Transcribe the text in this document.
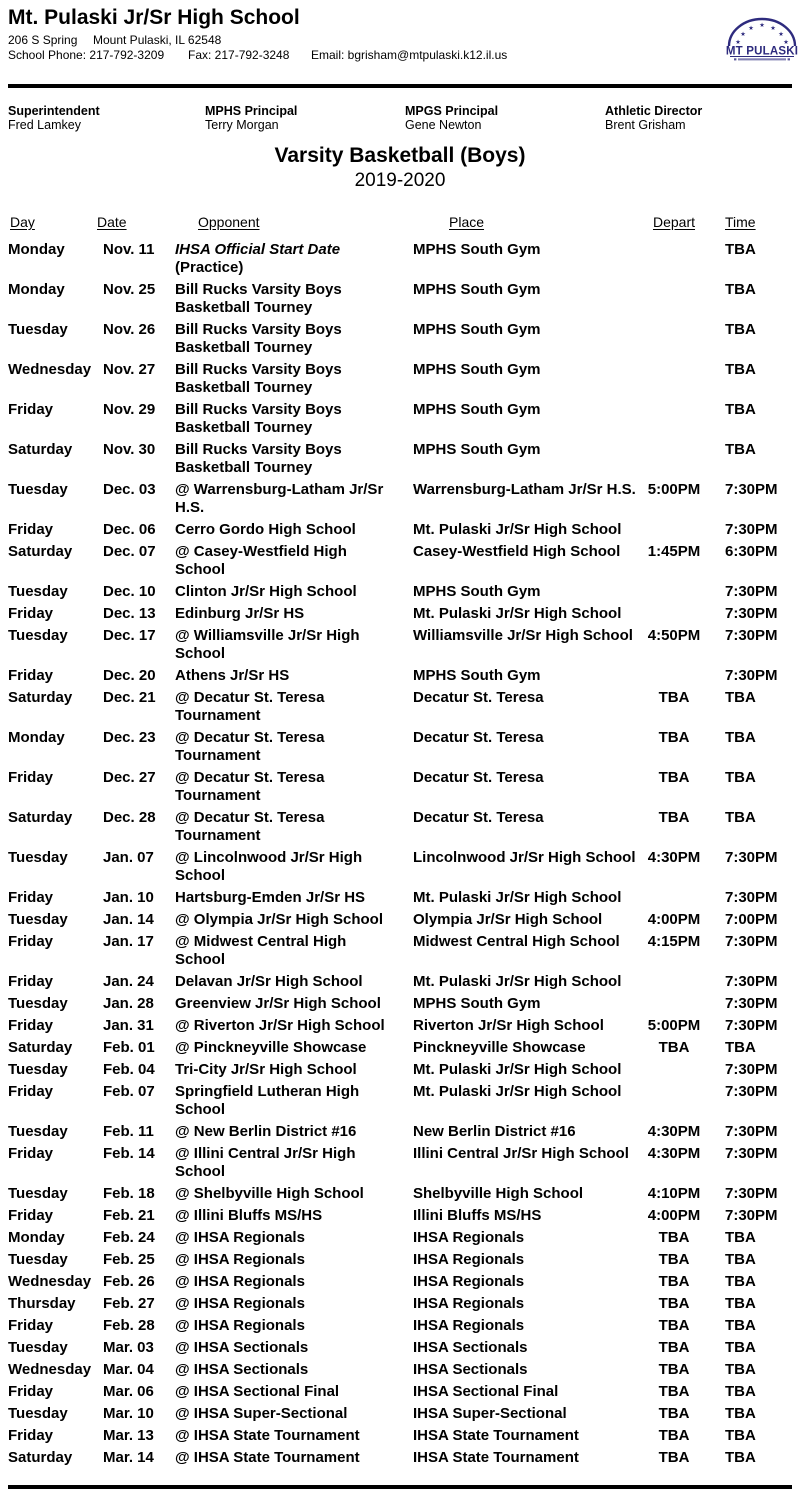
Mt. Pulaski Jr/Sr High School
206 S Spring	Mount Pulaski, IL 62548
School Phone: 217-792-3209	Fax: 217-792-3248	Email: bgrisham@mtpulaski.k12.il.us
★
★
★ ★ ★
★
★
MT PULASKI
Superintendent
Fred Lamkey
MPHS Principal
Terry Morgan
MPGS Principal
Gene Newton
Athletic Director
Brent Grisham
Varsity Basketball (Boys)
2019-2020
Day	Date	Opponent	Place	Depart	Time
Monday	Nov. 11	IHSA Official Start Date
(Practice)	MPHS South Gym		TBA
Monday	Nov. 25	Bill Rucks Varsity Boys
Basketball Tourney	MPHS South Gym		TBA
Tuesday	Nov. 26	Bill Rucks Varsity Boys
Basketball Tourney	MPHS South Gym		TBA
Wednesday	Nov. 27	Bill Rucks Varsity Boys
Basketball Tourney	MPHS South Gym		TBA
Friday	Nov. 29	Bill Rucks Varsity Boys
Basketball Tourney	MPHS South Gym		TBA
Saturday	Nov. 30	Bill Rucks Varsity Boys
Basketball Tourney	MPHS South Gym		TBA
Tuesday	Dec. 03	@ Warrensburg-Latham Jr/Sr
H.S.	Warrensburg-Latham Jr/Sr H.S.	5:00PM	7:30PM
Friday	Dec. 06	Cerro Gordo High School	Mt. Pulaski Jr/Sr High School		7:30PM
Saturday	Dec. 07	@ Casey-Westfield High School	Casey-Westfield High School	1:45PM	6:30PM
Tuesday	Dec. 10	Clinton Jr/Sr High School	MPHS South Gym		7:30PM
Friday	Dec. 13	Edinburg Jr/Sr HS	Mt. Pulaski Jr/Sr High School		7:30PM
Tuesday	Dec. 17	@ Williamsville Jr/Sr High
School	Williamsville Jr/Sr High School	4:50PM	7:30PM
Friday	Dec. 20	Athens Jr/Sr HS	MPHS South Gym		7:30PM
Saturday	Dec. 21	@ Decatur St. Teresa
Tournament	Decatur St. Teresa	TBA	TBA
Monday	Dec. 23	@ Decatur St. Teresa
Tournament	Decatur St. Teresa	TBA	TBA
Friday	Dec. 27	@ Decatur St. Teresa
Tournament	Decatur St. Teresa	TBA	TBA
Saturday	Dec. 28	@ Decatur St. Teresa
Tournament	Decatur St. Teresa	TBA	TBA
Tuesday	Jan. 07	@ Lincolnwood Jr/Sr High
School	Lincolnwood Jr/Sr High School	4:30PM	7:30PM
Friday	Jan. 10	Hartsburg-Emden Jr/Sr HS	Mt. Pulaski Jr/Sr High School		7:30PM
Tuesday	Jan. 14	@ Olympia Jr/Sr High School	Olympia Jr/Sr High School	4:00PM	7:00PM
Friday	Jan. 17	@ Midwest Central High School	Midwest Central High School	4:15PM	7:30PM
Friday	Jan. 24	Delavan Jr/Sr High School	Mt. Pulaski Jr/Sr High School		7:30PM
Tuesday	Jan. 28	Greenview Jr/Sr High School	MPHS South Gym		7:30PM
Friday	Jan. 31	@ Riverton Jr/Sr High School	Riverton Jr/Sr High School	5:00PM	7:30PM
Saturday	Feb. 01	@ Pinckneyville Showcase	Pinckneyville Showcase	TBA	TBA
Tuesday	Feb. 04	Tri-City Jr/Sr High School	Mt. Pulaski Jr/Sr High School		7:30PM
Friday	Feb. 07	Springfield Lutheran High
School	Mt. Pulaski Jr/Sr High School		7:30PM
Tuesday	Feb. 11	@ New Berlin District #16	New Berlin District #16	4:30PM	7:30PM
Friday	Feb. 14	@ Illini Central Jr/Sr High
School	Illini Central Jr/Sr High School	4:30PM	7:30PM
Tuesday	Feb. 18	@ Shelbyville High School	Shelbyville High School	4:10PM	7:30PM
Friday	Feb. 21	@ Illini Bluffs MS/HS	Illini Bluffs MS/HS	4:00PM	7:30PM
Monday	Feb. 24	@ IHSA Regionals	IHSA Regionals	TBA	TBA
Tuesday	Feb. 25	@ IHSA Regionals	IHSA Regionals	TBA	TBA
Wednesday	Feb. 26	@ IHSA Regionals	IHSA Regionals	TBA	TBA
Thursday	Feb. 27	@ IHSA Regionals	IHSA Regionals	TBA	TBA
Friday	Feb. 28	@ IHSA Regionals	IHSA Regionals	TBA	TBA
Tuesday	Mar. 03	@ IHSA Sectionals	IHSA Sectionals	TBA	TBA
Wednesday	Mar. 04	@ IHSA Sectionals	IHSA Sectionals	TBA	TBA
Friday	Mar. 06	@ IHSA Sectional Final	IHSA Sectional Final	TBA	TBA
Tuesday	Mar. 10	@ IHSA Super-Sectional	IHSA Super-Sectional	TBA	TBA
Friday	Mar. 13	@ IHSA State Tournament	IHSA State Tournament	TBA	TBA
Saturday	Mar. 14	@ IHSA State Tournament	IHSA State Tournament	TBA	TBA
